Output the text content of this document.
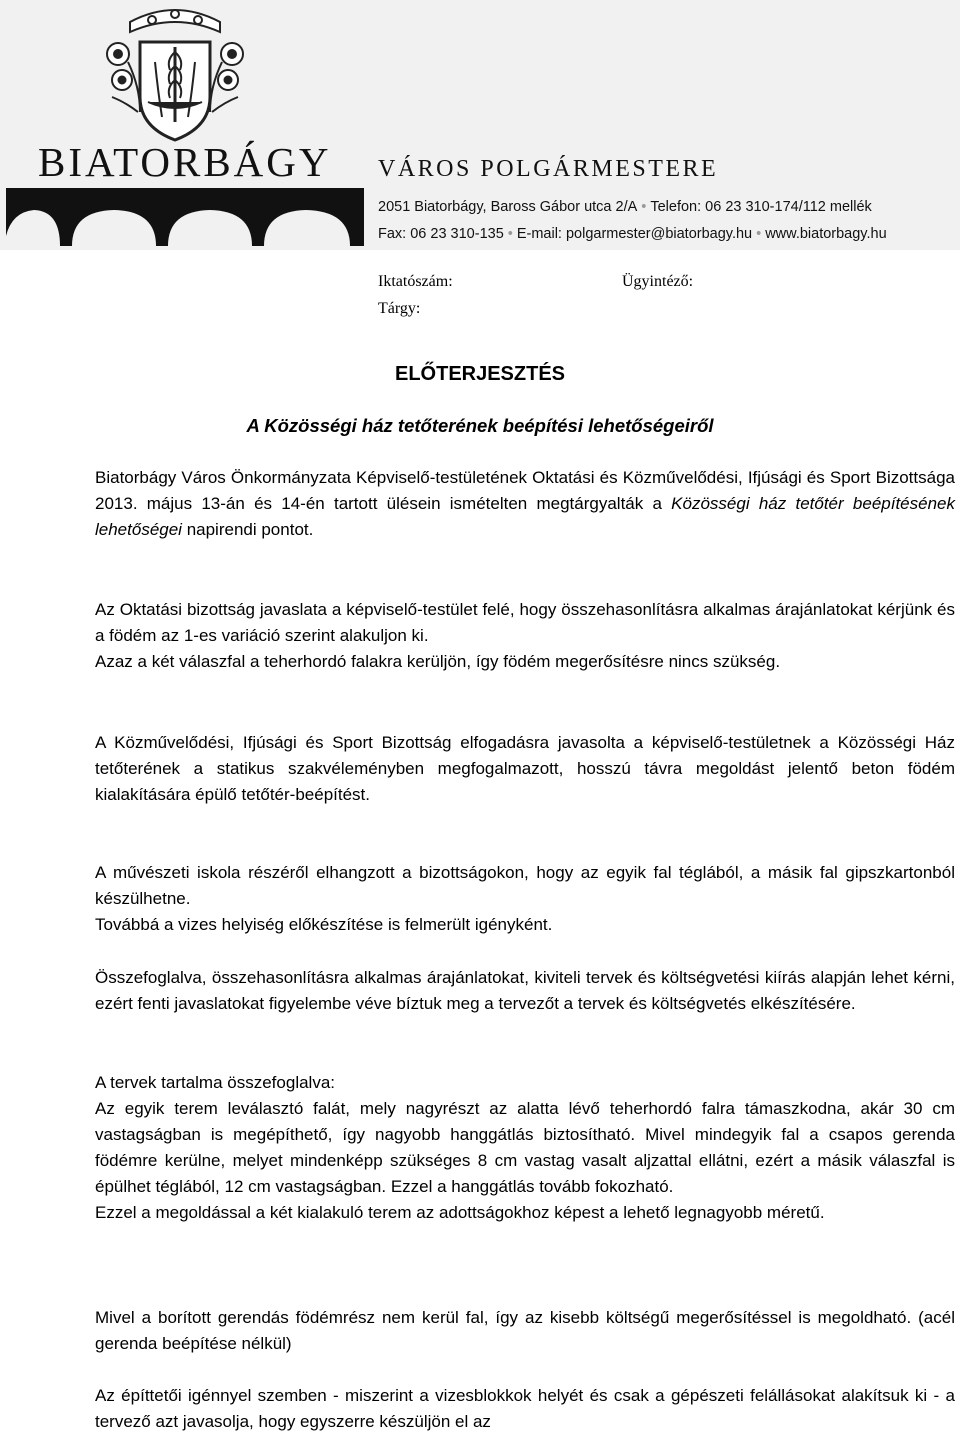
BIATORBÁGY VÁROS POLGÁRMESTERE
2051 Biatorbágy, Baross Gábor utca 2/A • Telefon: 06 23 310-174/112 mellék
Fax: 06 23 310-135 • E-mail: polgarmester@biatorbagy.hu • www.biatorbagy.hu
Iktatószám:	Ügyintéző:
Tárgy:
ELŐTERJESZTÉS
A Közösségi ház tetőterének beépítési lehetőségeiről

Biatorbágy Város Önkormányzata Képviselő-testületének Oktatási és Közművelődési, Ifjúsági és Sport Bizottsága 2013. május 13-án és 14-én tartott ülésein ismételten megtárgyalták a Közösségi ház tetőtér beépítésének lehetőségei napirendi pontot.

Az Oktatási bizottság javaslata a képviselő-testület felé, hogy összehasonlításra alkalmas árajánlatokat kérjünk és a födém az 1-es variáció szerint alakuljon ki.
Azaz a két válaszfal a teherhordó falakra kerüljön, így födém megerősítésre nincs szükség.

A Közművelődési, Ifjúsági és Sport Bizottság elfogadásra javasolta a képviselő-testületnek a Közösségi Ház tetőterének a statikus szakvéleményben megfogalmazott, hosszú távra megoldást jelentő beton födém kialakítására épülő tetőtér-beépítést.

A művészeti iskola részéről elhangzott a bizottságokon, hogy az egyik fal téglából, a másik fal gipszkartonból készülhetne.
Továbbá a vizes helyiség előkészítése is felmerült igényként.

Összefoglalva, összehasonlításra alkalmas árajánlatokat, kiviteli tervek és költségvetési kiírás alapján lehet kérni, ezért fenti javaslatokat figyelembe véve bíztuk meg a tervezőt a tervek és költségvetés elkészítésére.

A tervek tartalma összefoglalva:
Az egyik terem leválasztó falát, mely nagyrészt az alatta lévő teherhordó falra támaszkodna, akár 30 cm vastagságban is megépíthető, így nagyobb hanggátlás biztosítható. Mivel mindegyik fal a csapos gerenda födémre kerülne, melyet mindenképp szükséges 8 cm vastag vasalt aljzattal ellátni, ezért a másik válaszfal is épülhet téglából, 12 cm vastagságban. Ezzel a hanggátlás tovább fokozható.
Ezzel a megoldással a két kialakuló terem az adottságokhoz képest a lehető legnagyobb méretű.

Mivel a borított gerendás födémrész nem kerül fal, így az kisebb költségű megerősítéssel is megoldható. (acél gerenda beépítése nélkül)

Az építtetői igénnyel szemben - miszerint a vizesblokkok helyét és csak a gépészeti felállásokat alakítsuk ki - a tervező azt javasolja, hogy egyszerre készüljön el az
